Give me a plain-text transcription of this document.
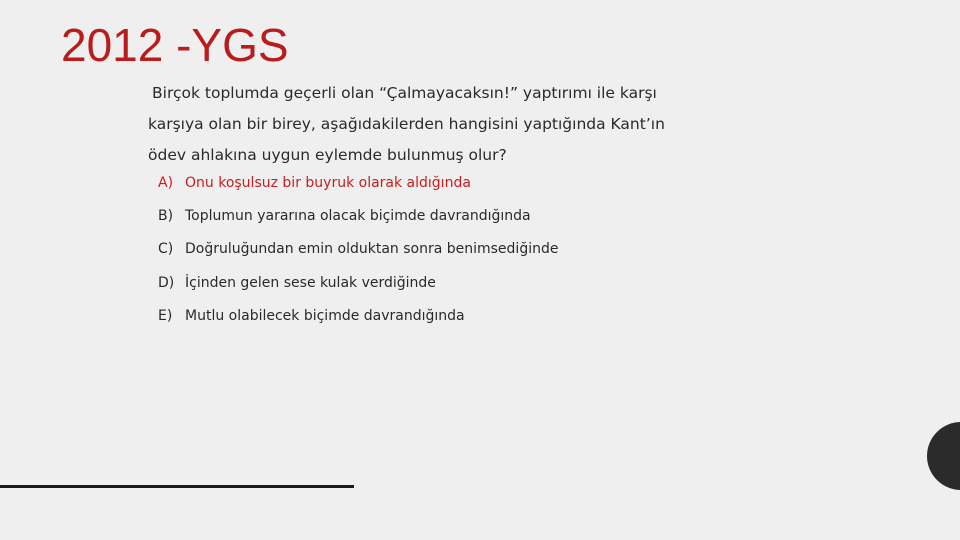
2012 -YGS
Birçok toplumda geçerli olan “Çalmayacaksın!” yaptırımı ile karşı
karşıya olan bir birey, aşağıdakilerden hangisini yaptığında Kant’ın
ödev ahlakına uygun eylemde bulunmuş olur?
A) Onu koşulsuz bir buyruk olarak aldığında
B) Toplumun yararına olacak biçimde davrandığında
C) Doğruluğundan emin olduktan sonra benimsediğinde
D) İçinden gelen sese kulak verdiğinde
E) Mutlu olabilecek biçimde davrandığında
